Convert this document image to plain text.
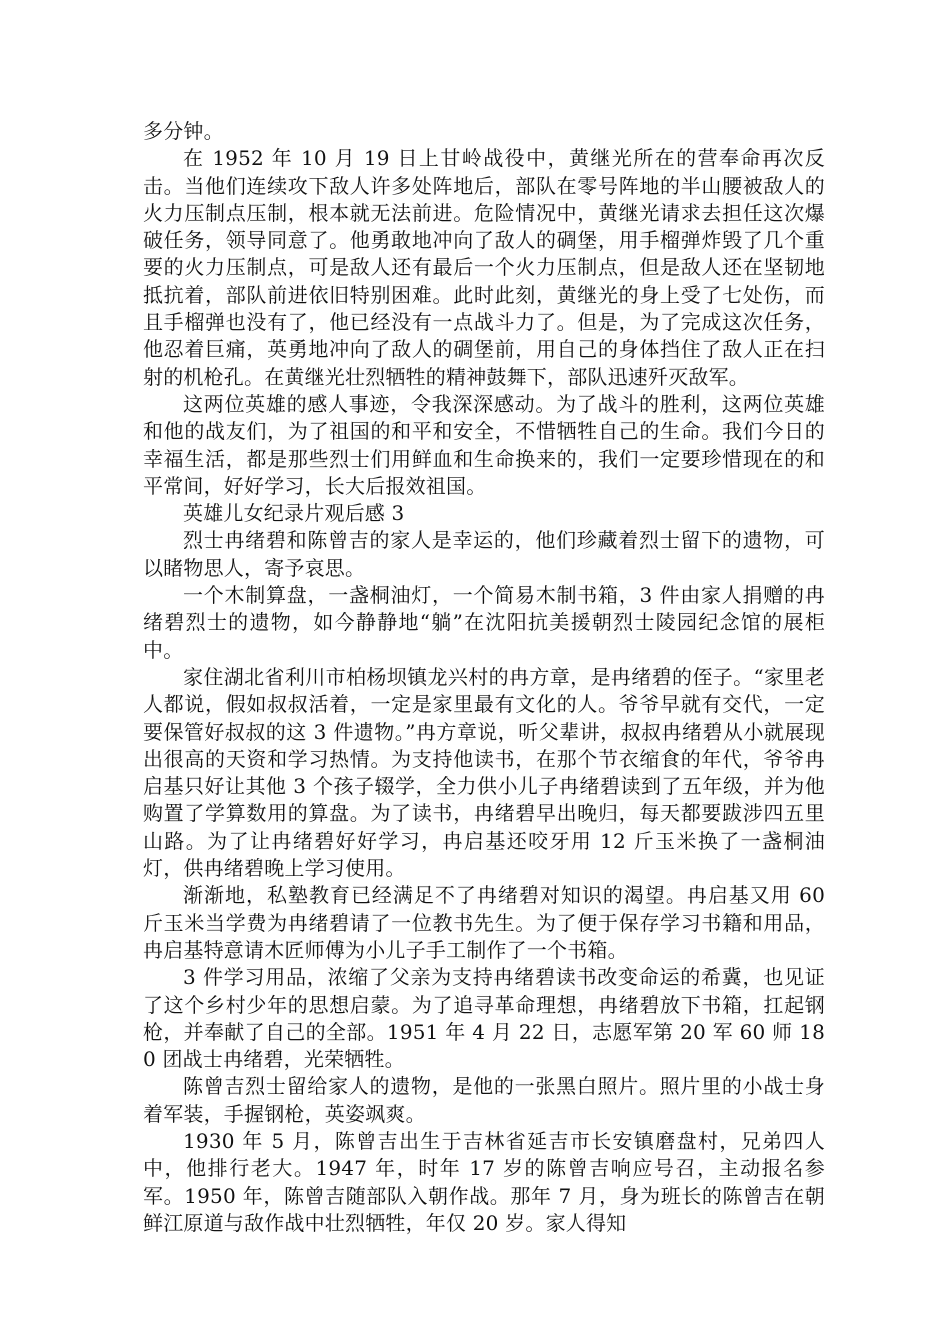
多分钟。

在 1952 年 10 月 19 日上甘岭战役中，黄继光所在的营奉命再次反击。当他们连续攻下敌人许多处阵地后，部队在零号阵地的半山腰被敌人的火力压制点压制，根本就无法前进。危险情况中，黄继光请求去担任这次爆破任务，领导同意了。他勇敢地冲向了敌人的碉堡，用手榴弹炸毁了几个重要的火力压制点，可是敌人还有最后一个火力压制点，但是敌人还在坚韧地抵抗着，部队前进依旧特别困难。此时此刻，黄继光的身上受了七处伤，而且手榴弹也没有了，他已经没有一点战斗力了。但是，为了完成这次任务，他忍着巨痛，英勇地冲向了敌人的碉堡前，用自己的身体挡住了敌人正在扫射的机枪孔。在黄继光壮烈牺牲的精神鼓舞下，部队迅速歼灭敌军。

这两位英雄的感人事迹，令我深深感动。为了战斗的胜利，这两位英雄和他的战友们，为了祖国的和平和安全，不惜牺牲自己的生命。我们今日的幸福生活，都是那些烈士们用鲜血和生命换来的，我们一定要珍惜现在的和平常间，好好学习，长大后报效祖国。

英雄儿女纪录片观后感 3

烈士冉绪碧和陈曾吉的家人是幸运的，他们珍藏着烈士留下的遗物，可以睹物思人，寄予哀思。

一个木制算盘，一盏桐油灯，一个简易木制书箱，3 件由家人捐赠的冉绪碧烈士的遗物，如今静静地“躺”在沈阳抗美援朝烈士陵园纪念馆的展柜中。

家住湖北省利川市柏杨坝镇龙兴村的冉方章，是冉绪碧的侄子。“家里老人都说，假如叔叔活着，一定是家里最有文化的人。爷爷早就有交代，一定要保管好叔叔的这 3 件遗物。”冉方章说，听父辈讲，叔叔冉绪碧从小就展现出很高的天资和学习热情。为支持他读书，在那个节衣缩食的年代，爷爷冉启基只好让其他 3 个孩子辍学，全力供小儿子冉绪碧读到了五年级，并为他购置了学算数用的算盘。为了读书，冉绪碧早出晚归，每天都要跋涉四五里山路。为了让冉绪碧好好学习，冉启基还咬牙用 12 斤玉米换了一盏桐油灯，供冉绪碧晚上学习使用。

渐渐地，私塾教育已经满足不了冉绪碧对知识的渴望。冉启基又用 60 斤玉米当学费为冉绪碧请了一位教书先生。为了便于保存学习书籍和用品，冉启基特意请木匠师傅为小儿子手工制作了一个书箱。

3 件学习用品，浓缩了父亲为支持冉绪碧读书改变命运的希冀，也见证了这个乡村少年的思想启蒙。为了追寻革命理想，冉绪碧放下书箱，扛起钢枪，并奉献了自己的全部。1951 年 4 月 22 日，志愿军第 20 军 60 师 180 团战士冉绪碧，光荣牺牲。

陈曾吉烈士留给家人的遗物，是他的一张黑白照片。照片里的小战士身着军装，手握钢枪，英姿飒爽。

1930 年 5 月，陈曾吉出生于吉林省延吉市长安镇磨盘村，兄弟四人中，他排行老大。1947 年，时年 17 岁的陈曾吉响应号召，主动报名参军。1950 年，陈曾吉随部队入朝作战。那年 7 月，身为班长的陈曾吉在朝鲜江原道与敌作战中壮烈牺牲，年仅 20 岁。家人得知
